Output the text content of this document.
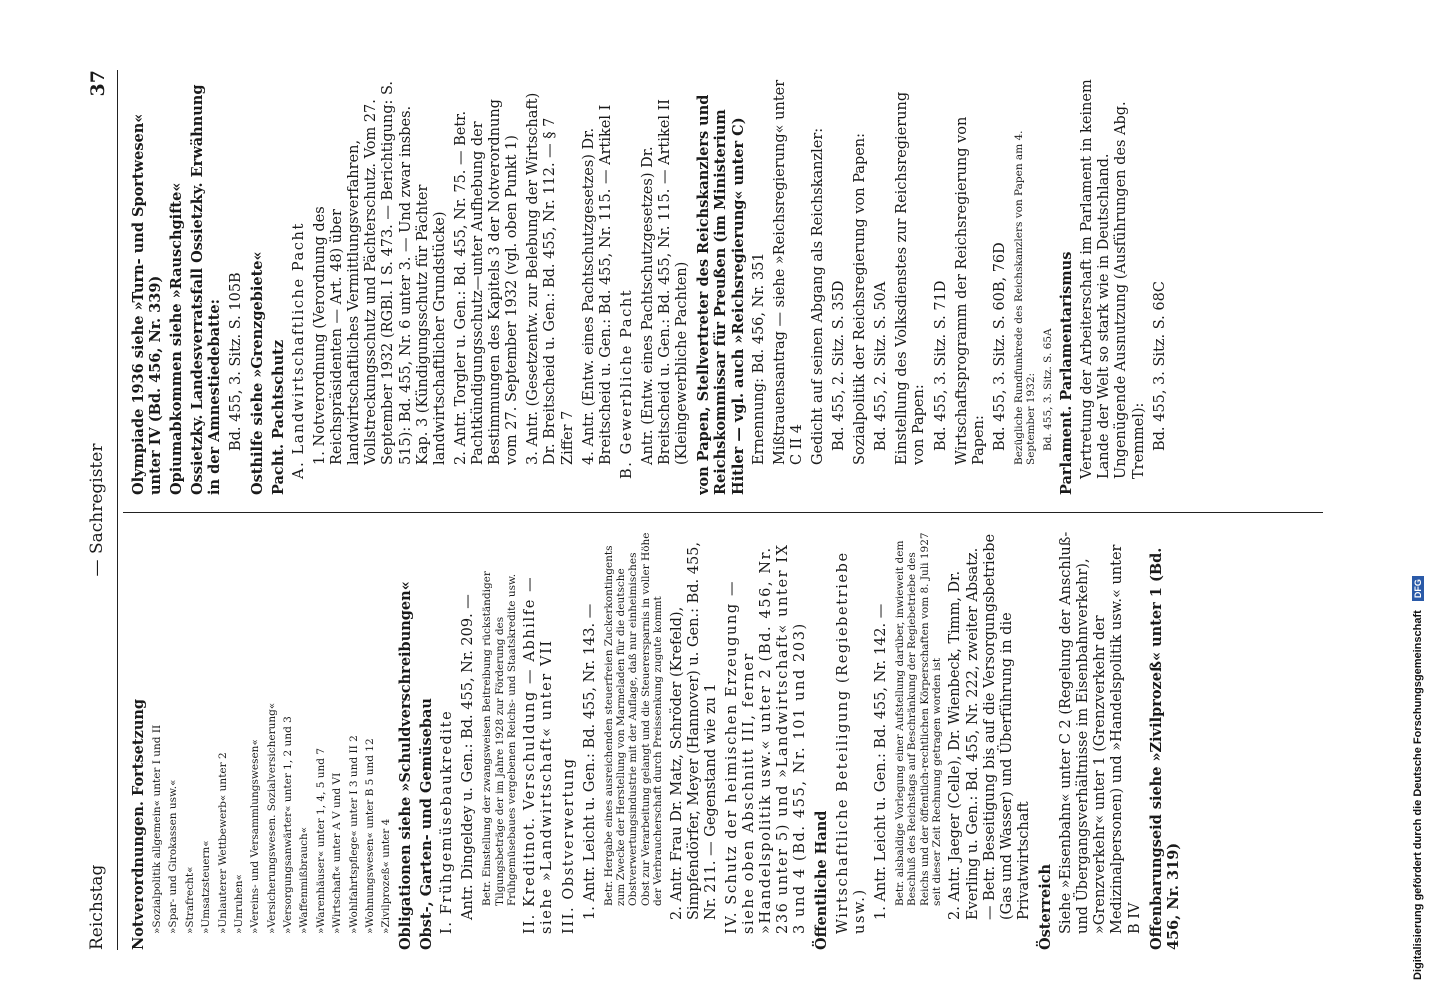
Reichstag
— Sachregister
37
Notverordnungen. Fortsetzung »Sozialpolitik allgemein« unter I und II »Spar- und Girokassen usw.« »Strafrecht« »Umsatzsteuern« »Unlauterer Wettbewerb« unter 2 »Unruhen« »Vereins- und Versammlungswesen« »Versicherungswesen. Sozialversicherung« »Versorgungsanwärter« unter 1, 2 und 3 »Waffenmißbrauch« »Warenhäuser« unter 1, 4, 5 und 7 »Wirtschaft« unter A V und VI »Wohlfahrtspflege« unter I 3 und II 2 »Wohnungswesen« unter B 5 und 12 »Zivilprozeß« unter 4 Obligationen siehe »Schuldverschreibungen« Obst-, Garten- und Gemüsebau I. Frühgemüsebaukredite Antr. Dingeldey u. Gen.: Bd. 455, Nr. 209. — Betr. Einstellung der zwangsweisen Beitreibung rückständiger Tilgungsbeträge der im Jahre 1928 zur Förderung des Frühgemüsebaues vergebenen Reichs- und Staatskredite usw. II. Kreditnot. Verschuldung — Abhilfe — siehe »Landwirtschaft« unter VII III. Obstverwertung 1. Antr. Leicht u. Gen.: Bd. 455, Nr. 143. — Betr. Hergabe eines ausreichenden steuerfreien Zuckerkontingents zum Zwecke der Herstellung von Marmeladen für die deutsche Obstverwertungsindustrie mit der Auflage, daß nur einheimisches Obst zur Verarbeitung gelangt und die Steuerersparnis in voller Höhe der Verbraucherschaft durch Preissenkung zugute kommt 2. Antr. Frau Dr. Matz, Schröder (Krefeld), Simpfendörfer, Meyer (Hannover) u. Gen.: Bd. 455, Nr. 211. — Gegenstand wie zu 1 IV. Schutz der heimischen Erzeugung — siehe oben Abschnitt III, ferner »Handelspolitik usw.« unter 2 (Bd. 456, Nr. 236 unter 5) und »Landwirtschaft« unter IX 3 und 4 (Bd. 455, Nr. 101 und 203) Öffentliche Hand Wirtschaftliche Beteiligung (Regiebetriebe usw.) 1. Antr. Leicht u. Gen.: Bd. 455, Nr. 142. — Betr. alsbaldige Vorlegung einer Aufstellung darüber, inwieweit dem Beschluß des Reichstags auf Beschränkung der Regiebetriebe des Reichs und der öffentlich-rechtlichen Körperschaften vom 8. Juli 1927 seit dieser Zeit Rechnung getragen worden ist 2. Antr. Jaeger (Celle), Dr. Wienbeck, Timm, Dr. Everling u. Gen.: Bd. 455, Nr. 222, zweiter Absatz. — Betr. Beseitigung bis auf die Versorgungsbetriebe (Gas und Wasser) und Überführung in die Privatwirtschaft Österreich Siehe »Eisenbahn« unter C 2 (Regelung der Anschluß- und Übergangsverhältnisse im Eisenbahnverkehr), »Grenzverkehr« unter 1 (Grenzverkehr der Medizinalpersonen) und »Handelspolitik usw.« unter B IV Offenbarungseid siehe »Zivilprozeß« unter 1 (Bd. 456, Nr. 319)
Olympiade 1936 siehe »Turn- und Sportwesen« unter IV (Bd. 456, Nr. 339) Opiumabkommen siehe »Rauschgifte« Ossietzky. Landesverratsfall Ossietzky. Erwähnung in der Amnestiedebatte: Bd. 455, 3. Sitz. S. 105B Osthilfe siehe »Grenzgebiete« Pacht. Pachtschutz A. Landwirtschaftliche Pacht 1. Notverordnung (Verordnung des Reichspräsidenten — Art. 48) über landwirtschaftliches Vermittlungsverfahren, Vollstreckungsschutz und Pächterschutz. Vom 27. September 1932 (RGBl. I S. 473. — Berichtigung: S. 515): Bd. 455, Nr. 6 unter 3. — Und zwar insbes. Kap. 3 (Kündigungsschutz für Pächter landwirtschaftlicher Grundstücke) 2. Antr. Torgler u. Gen.: Bd. 455, Nr. 75. — Betr. Pachtkündigungsschutz—unter Aufhebung der Bestimmungen des Kapitels 3 der Notverordnung vom 27. September 1932 (vgl. oben Punkt 1) 3. Antr. (Gesetzentw. zur Belebung der Wirtschaft) Dr. Breitscheid u. Gen.: Bd. 455, Nr. 112. — § 7 Ziffer 7 4. Antr. (Entw. eines Pachtschutzgesetzes) Dr. Breitscheid u. Gen.: Bd. 455, Nr. 115. — Artikel I B. Gewerbliche Pacht Antr. (Entw. eines Pachtschutzgesetzes) Dr. Breitscheid u. Gen.: Bd. 455, Nr. 115. — Artikel II (Kleingewerbliche Pachten) von Papen, Stellvertreter des Reichskanzlers und Reichskommissar für Preußen (im Ministerium Hitler — vgl. auch »Reichsregierung« unter C) Ernennung: Bd. 456, Nr. 351 Mißtrauensantrag — siehe »Reichsregierung« unter C II 4 Gedicht auf seinen Abgang als Reichskanzler: Bd. 455, 2. Sitz. S. 35D Sozialpolitik der Reichsregierung von Papen: Bd. 455, 2. Sitz. S. 50A Einstellung des Volksdienstes zur Reichsregierung von Papen: Bd. 455, 3. Sitz. S. 71D Wirtschaftsprogramm der Reichsregierung von Papen: Bd. 455, 3. Sitz. S. 60B, 76D Bezügliche Rundfunkrede des Reichskanzlers von Papen am 4. September 1932: Bd. 455, 3. Sitz. S. 65A Parlament. Parlamentarismus Vertretung der Arbeiterschaft im Parlament in keinem Lande der Welt so stark wie in Deutschland. Ungenügende Ausnutzung (Ausführungen des Abg. Tremmel): Bd. 455, 3. Sitz. S. 68C
Digitalisierung gefördert durch die Deutsche Forschungsgemeinschaft DFG
